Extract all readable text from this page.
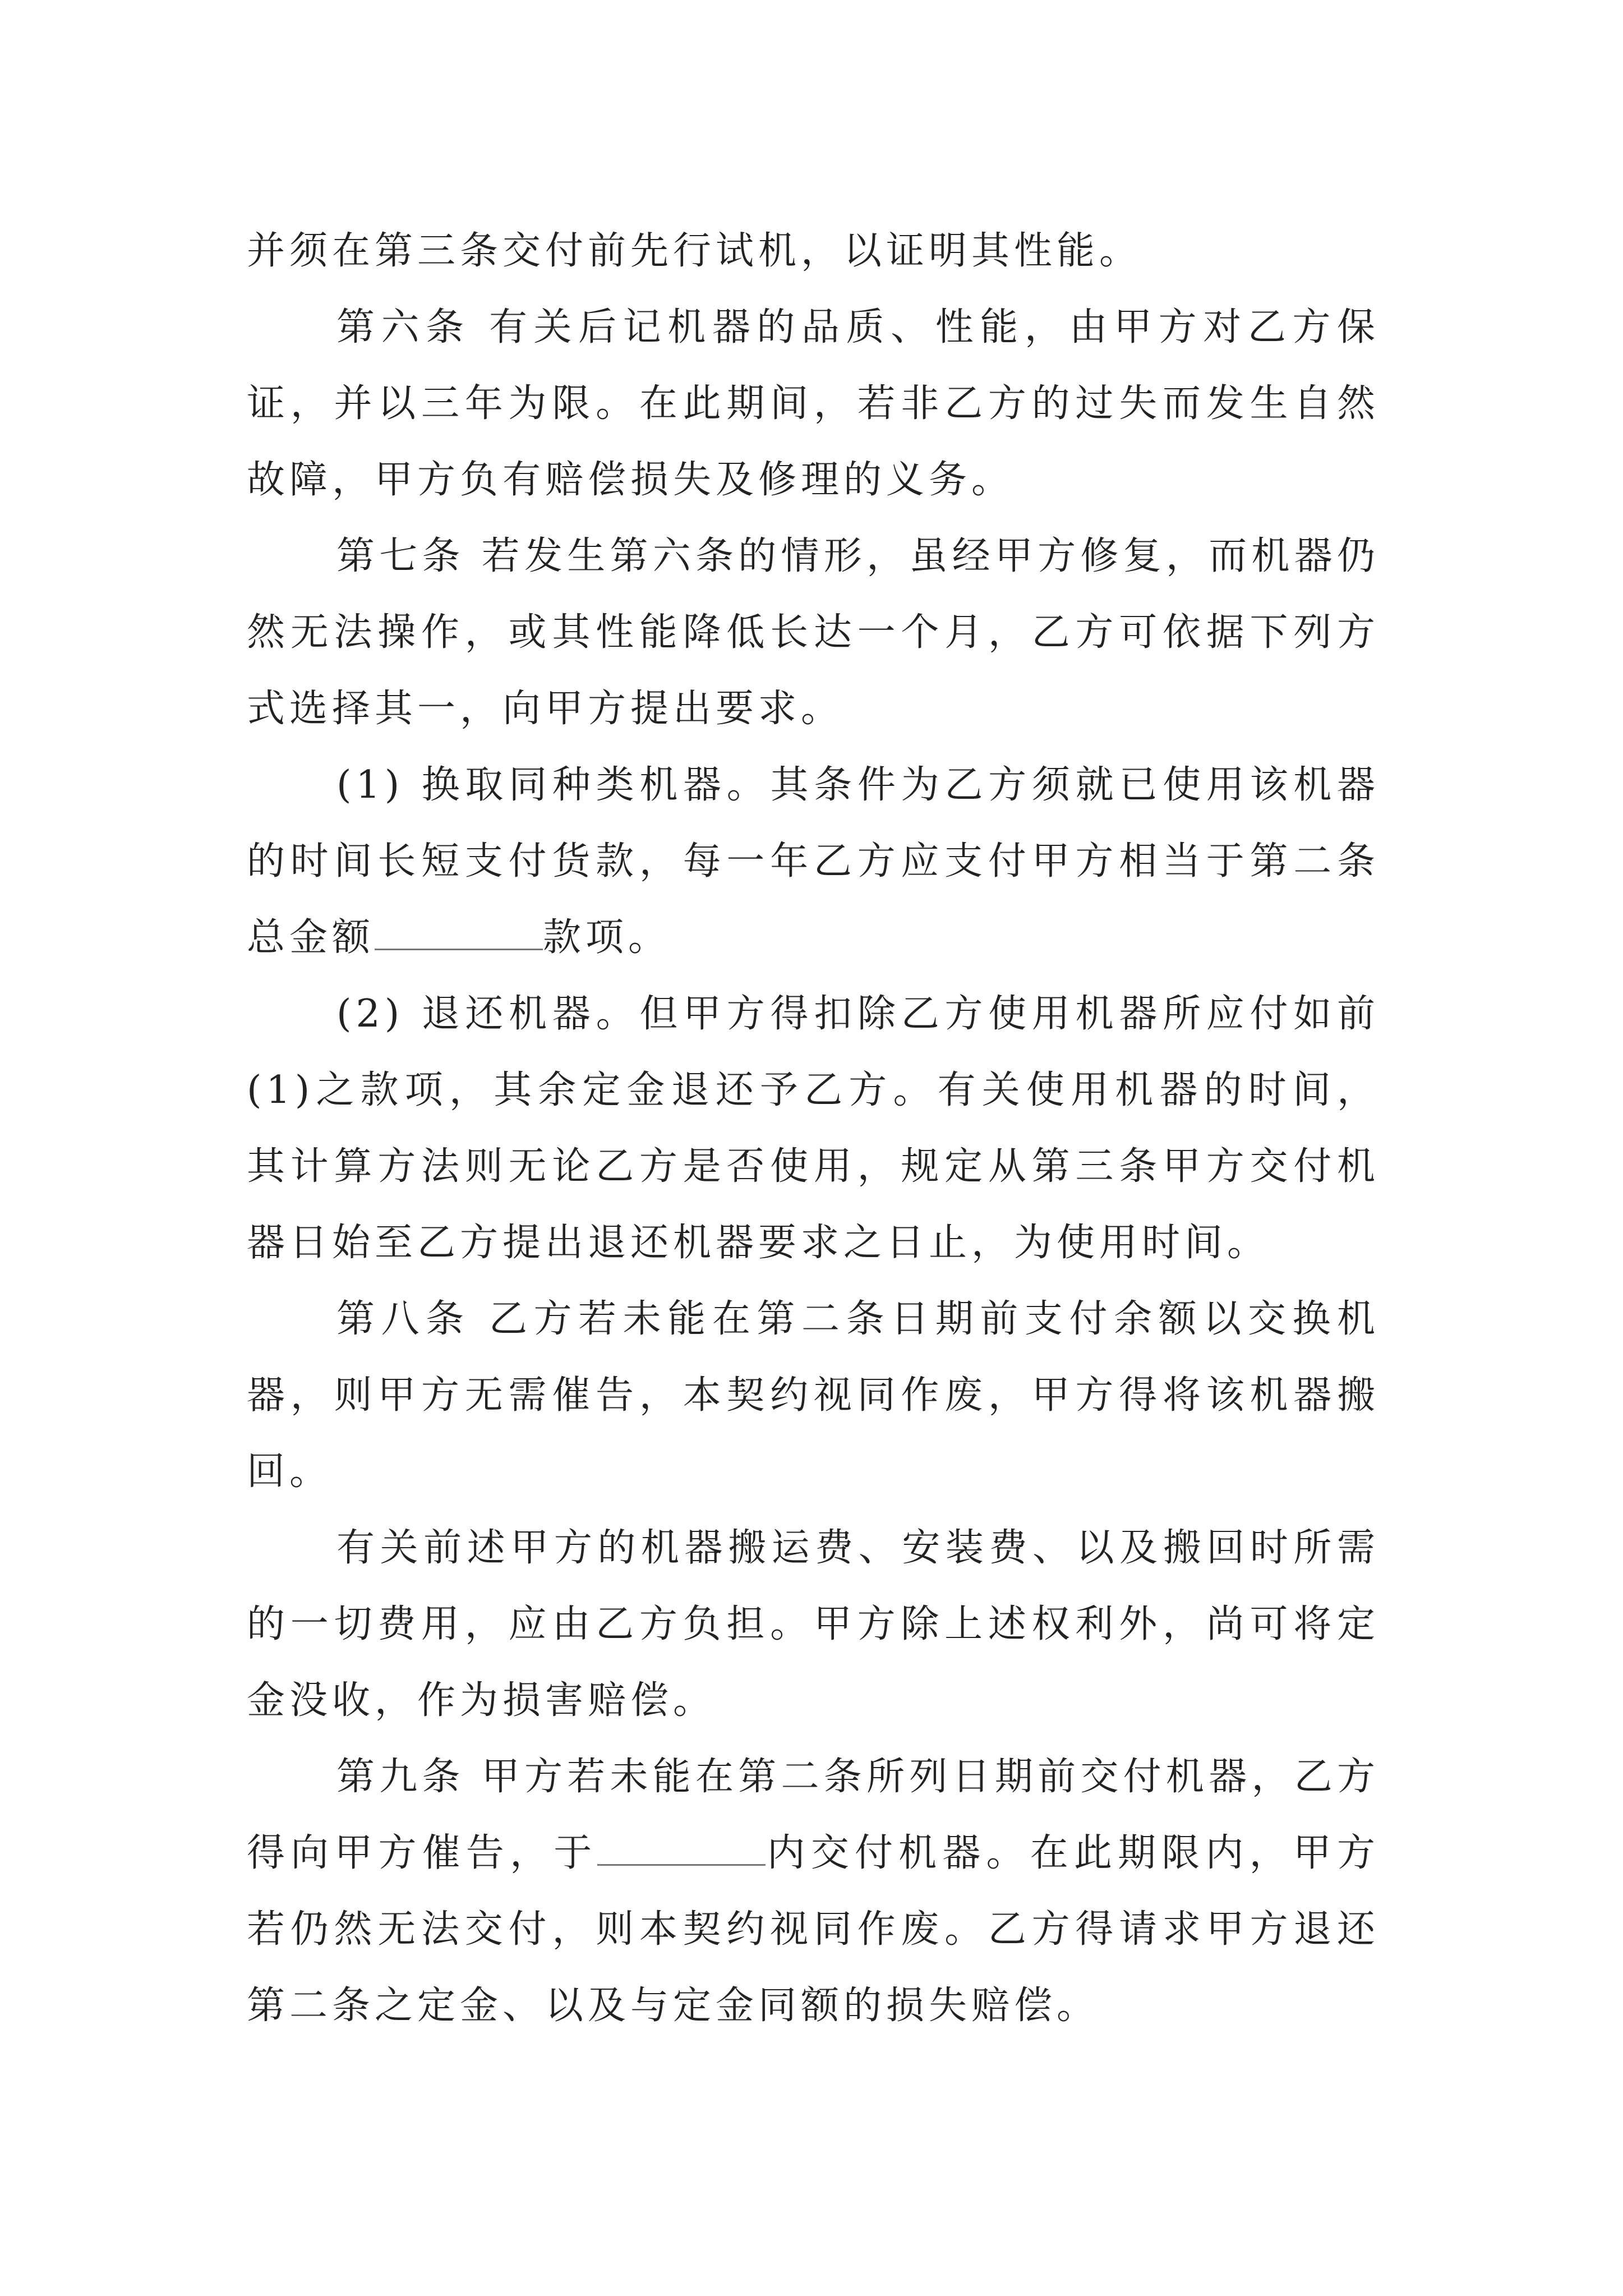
并须在第三条交付前先行试机，以证明其性能。

第六条 有关后记机器的品质、性能，由甲方对乙方保证，并以三年为限。在此期间，若非乙方的过失而发生自然故障，甲方负有赔偿损失及修理的义务。

第七条 若发生第六条的情形，虽经甲方修复，而机器仍然无法操作，或其性能降低长达一个月，乙方可依据下列方式选择其一，向甲方提出要求。

(1) 换取同种类机器。其条件为乙方须就已使用该机器的时间长短支付货款，每一年乙方应支付甲方相当于第二条总金额	款项。

(2) 退还机器。但甲方得扣除乙方使用机器所应付如前(1)之款项，其余定金退还予乙方。有关使用机器的时间，其计算方法则无论乙方是否使用，规定从第三条甲方交付机器日始至乙方提出退还机器要求之日止，为使用时间。

第八条 乙方若未能在第二条日期前支付余额以交换机器，则甲方无需催告，本契约视同作废，甲方得将该机器搬回。

有关前述甲方的机器搬运费、安装费、以及搬回时所需的一切费用，应由乙方负担。甲方除上述权利外，尚可将定金没收，作为损害赔偿。

第九条 甲方若未能在第二条所列日期前交付机器，乙方得向甲方催告，于	内交付机器。在此期限内，甲方若仍然无法交付，则本契约视同作废。乙方得请求甲方退还第二条之定金、以及与定金同额的损失赔偿。
